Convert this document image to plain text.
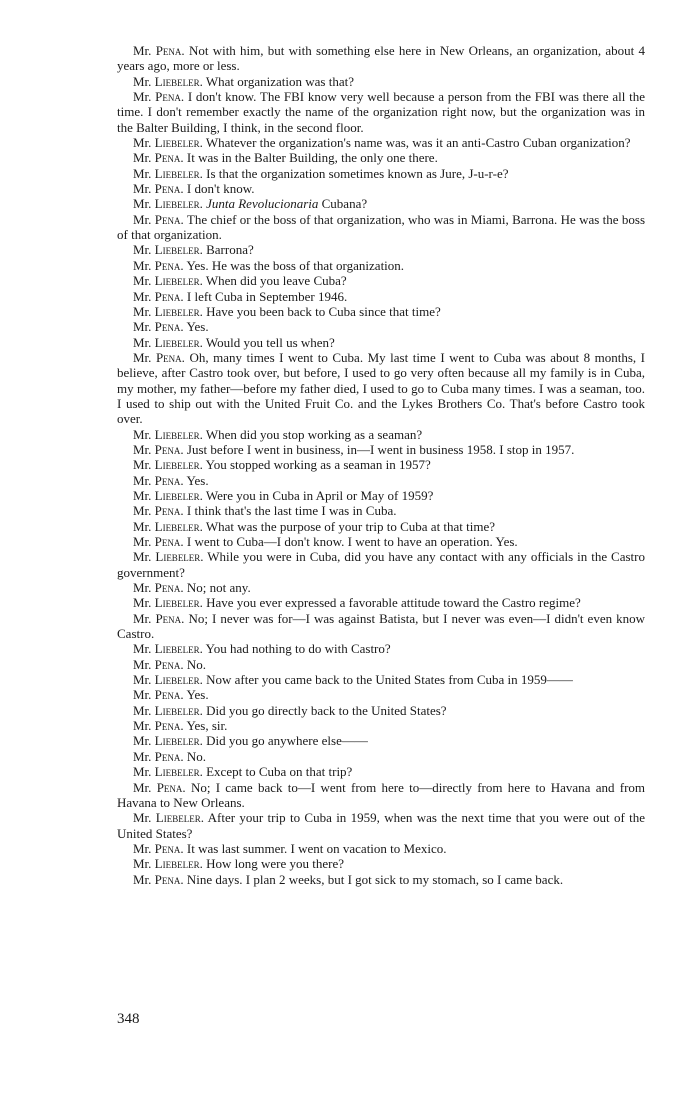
Mr. Pena. Not with him, but with something else here in New Orleans, an organization, about 4 years ago, more or less.

Mr. Liebeler. What organization was that?

Mr. Pena. I don't know. The FBI know very well because a person from the FBI was there all the time. I don't remember exactly the name of the organization right now, but the organization was in the Balter Building, I think, in the second floor.

Mr. Liebeler. Whatever the organization's name was, was it an anti-Castro Cuban organization?

Mr. Pena. It was in the Balter Building, the only one there.

Mr. Liebeler. Is that the organization sometimes known as Jure, J-u-r-e?

Mr. Pena. I don't know.

Mr. Liebeler. Junta Revolucionaria Cubana?

Mr. Pena. The chief or the boss of that organization, who was in Miami, Barrona. He was the boss of that organization.

Mr. Liebeler. Barrona?

Mr. Pena. Yes. He was the boss of that organization.

Mr. Liebeler. When did you leave Cuba?

Mr. Pena. I left Cuba in September 1946.

Mr. Liebeler. Have you been back to Cuba since that time?

Mr. Pena. Yes.

Mr. Liebeler. Would you tell us when?

Mr. Pena. Oh, many times I went to Cuba. My last time I went to Cuba was about 8 months, I believe, after Castro took over, but before, I used to go very often because all my family is in Cuba, my mother, my father—before my father died, I used to go to Cuba many times. I was a seaman, too. I used to ship out with the United Fruit Co. and the Lykes Brothers Co. That's before Castro took over.

Mr. Liebeler. When did you stop working as a seaman?

Mr. Pena. Just before I went in business, in—I went in business 1958. I stop in 1957.

Mr. Liebeler. You stopped working as a seaman in 1957?

Mr. Pena. Yes.

Mr. Liebeler. Were you in Cuba in April or May of 1959?

Mr. Pena. I think that's the last time I was in Cuba.

Mr. Liebeler. What was the purpose of your trip to Cuba at that time?

Mr. Pena. I went to Cuba—I don't know. I went to have an operation. Yes.

Mr. Liebeler. While you were in Cuba, did you have any contact with any officials in the Castro government?

Mr. Pena. No; not any.

Mr. Liebeler. Have you ever expressed a favorable attitude toward the Castro regime?

Mr. Pena. No; I never was for—I was against Batista, but I never was even—I didn't even know Castro.

Mr. Liebeler. You had nothing to do with Castro?

Mr. Pena. No.

Mr. Liebeler. Now after you came back to the United States from Cuba in 1959——

Mr. Pena. Yes.

Mr. Liebeler. Did you go directly back to the United States?

Mr. Pena. Yes, sir.

Mr. Liebeler. Did you go anywhere else——

Mr. Pena. No.

Mr. Liebeler. Except to Cuba on that trip?

Mr. Pena. No; I came back to—I went from here to—directly from here to Havana and from Havana to New Orleans.

Mr. Liebeler. After your trip to Cuba in 1959, when was the next time that you were out of the United States?

Mr. Pena. It was last summer. I went on vacation to Mexico.

Mr. Liebeler. How long were you there?

Mr. Pena. Nine days. I plan 2 weeks, but I got sick to my stomach, so I came back.

348
